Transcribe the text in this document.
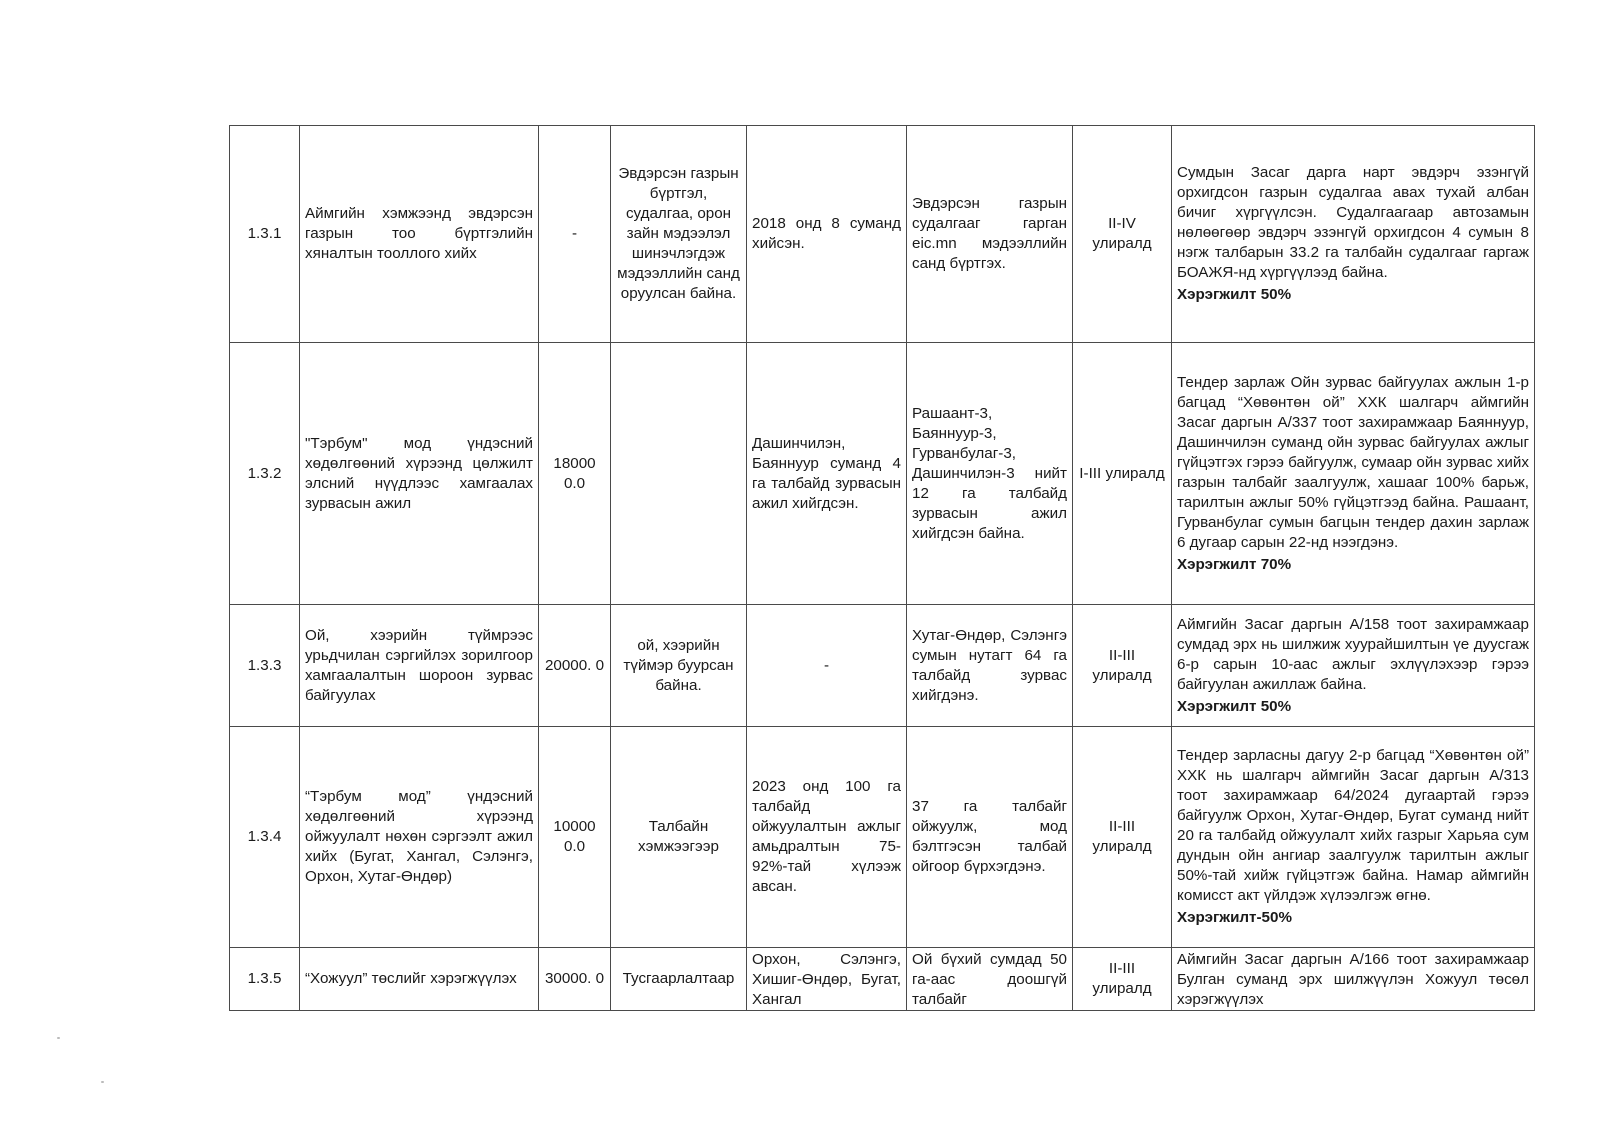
1.3.1	Аймгийн хэмжээнд эвдэрсэн газрын тоо бүртгэлийн хяналтын тооллого хийх	-	Эвдэрсэн газрын бүртгэл, судалгаа, орон зайн мэдээлэл шинэчлэгдэж мэдээллийн санд оруулсан байна.	2018 онд 8 суманд хийсэн.	Эвдэрсэн газрын судалгааг гарган eic.mn мэдээллийн санд бүртгэх.	II-IV улиралд	Сумдын Засаг дарга нарт эвдэрч эзэнгүй орхигдсон газрын судалгаа авах тухай албан бичиг хүргүүлсэн. Судалгаагаар автозамын нөлөөгөөр эвдэрч эзэнгүй орхигдсон 4 сумын 8 нэгж талбарын 33.2 га талбайн судалгааг гаргаж БОАЖЯ-нд хүргүүлээд байна.
Хэрэгжилт 50%

1.3.2	"Тэрбум" мод үндэсний хөдөлгөөний хүрээнд цөлжилт элсний нүүдлээс хамгаалах зурвасын ажил	18000 0.0		Дашинчилэн, Баяннуур суманд 4 га талбайд зурвасын ажил хийгдсэн.	Рашаант-3, Баяннуур-3, Гурванбулаг-3, Дашинчилэн-3 нийт 12 га талбайд зурвасын ажил хийгдсэн байна.	I-III улиралд	Тендер зарлаж Ойн зурвас байгуулах ажлын 1-р багцад “Хөвөнтөн ой” ХХК шалгарч аймгийн Засаг даргын А/337 тоот захирамжаар Баяннуур, Дашинчилэн суманд ойн зурвас байгуулах ажлыг гүйцэтгэх гэрээ байгуулж, сумаар ойн зурвас хийх газрын талбайг заалгуулж, хашааг 100% барьж, тарилтын ажлыг 50% гүйцэтгээд байна. Рашаант, Гурванбулаг сумын багцын тендер дахин зарлаж 6 дугаар сарын 22-нд нээгдэнэ.
Хэрэгжилт 70%

1.3.3	Ой, хээрийн түймрээс урьдчилан сэргийлэх зорилгоор хамгаалалтын шороон зурвас байгуулах	20000. 0	ой, хээрийн түймэр буурсан байна.	-	Хутаг-Өндөр, Сэлэнгэ сумын нутагт 64 га талбайд зурвас хийгдэнэ.	II-III улиралд	Аймгийн Засаг даргын А/158 тоот захирамжаар сумдад эрх нь шилжиж хуурайшилтын үе дуусгаж 6-р сарын 10-аас ажлыг эхлүүлэхээр гэрээ байгуулан ажиллаж байна.
Хэрэгжилт 50%

1.3.4	“Тэрбум мод” үндэсний хөдөлгөөний хүрээнд ойжуулалт нөхөн сэргээлт ажил хийх (Бугат, Хангал, Сэлэнгэ, Орхон, Хутаг-Өндөр)	10000 0.0	Талбайн хэмжээгээр	2023 онд 100 га талбайд ойжуулалтын ажлыг амьдралтын 75-92%-тай хүлээж авсан.	37 га талбайг ойжуулж, мод бэлтгэсэн талбай ойгоор бүрхэгдэнэ.	II-III улиралд	Тендер зарласны дагуу 2-р багцад “Хөвөнтөн ой” ХХК нь шалгарч аймгийн Засаг даргын А/313 тоот захирамжаар 64/2024 дугаартай гэрээ байгуулж Орхон, Хутаг-Өндөр, Бугат суманд нийт 20 га талбайд ойжуулалт хийх газрыг Харьяа сум дундын ойн ангиар заалгуулж тарилтын ажлыг 50%-тай хийж гүйцэтгэж байна. Намар аймгийн комисст акт үйлдэж хүлээлгэж өгнө.
Хэрэгжилт-50%

1.3.5	“Хожуул” төслийг хэрэгжүүлэх	30000. 0	Тусгаарлалтаар	Орхон, Сэлэнгэ, Хишиг-Өндөр, Бугат, Хангал	Ой бүхий сумдад 50 га-аас доошгүй талбайг	II-III улиралд	Аймгийн Засаг даргын А/166 тоот захирамжаар Булган суманд эрх шилжүүлэн Хожуул төсөл хэрэгжүүлэх
